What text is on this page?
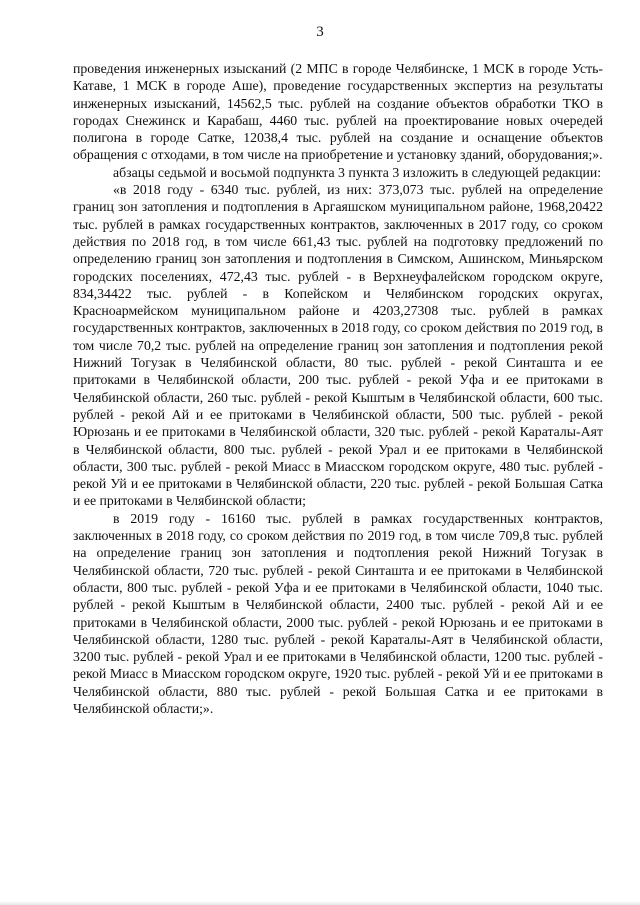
3

проведения инженерных изысканий (2 МПС в городе Челябинске, 1 МСК в городе Усть-Катаве, 1 МСК в городе Аше), проведение государственных экспертиз на результаты инженерных изысканий, 14562,5 тыс. рублей на создание объектов обработки ТКО в городах Снежинск и Карабаш, 4460 тыс. рублей на проектирование новых очередей полигона в городе Сатке, 12038,4 тыс. рублей на создание и оснащение объектов обращения с отходами, в том числе на приобретение и установку зданий, оборудования;».

абзацы седьмой и восьмой подпункта 3 пункта 3 изложить в следующей редакции:

«в 2018 году - 6340 тыс. рублей, из них: 373,073 тыс. рублей на определение границ зон затопления и подтопления в Аргаяшском муниципальном районе, 1968,20422 тыс. рублей в рамках государственных контрактов, заключенных в 2017 году, со сроком действия по 2018 год, в том числе 661,43 тыс. рублей на подготовку предложений по определению границ зон затопления и подтопления в Симском, Ашинском, Миньярском городских поселениях, 472,43 тыс. рублей - в Верхнеуфалейском городском округе, 834,34422 тыс. рублей - в Копейском и Челябинском городских округах, Красноармейском муниципальном районе и 4203,27308 тыс. рублей в рамках государственных контрактов, заключенных в 2018 году, со сроком действия по 2019 год, в том числе 70,2 тыс. рублей на определение границ зон затопления и подтопления рекой Нижний Тогузак в Челябинской области, 80 тыс. рублей - рекой Синташта и ее притоками в Челябинской области, 200 тыс. рублей - рекой Уфа и ее притоками в Челябинской области, 260 тыс. рублей - рекой Кыштым в Челябинской области, 600 тыс. рублей - рекой Ай и ее притоками в Челябинской области, 500 тыс. рублей - рекой Юрюзань и ее притоками в Челябинской области, 320 тыс. рублей - рекой Караталы-Аят в Челябинской области, 800 тыс. рублей - рекой Урал и ее притоками в Челябинской области, 300 тыс. рублей - рекой Миасс в Миасском городском округе, 480 тыс. рублей - рекой Уй и ее притоками в Челябинской области, 220 тыс. рублей - рекой Большая Сатка и ее притоками в Челябинской области;

в 2019 году - 16160 тыс. рублей в рамках государственных контрактов, заключенных в 2018 году, со сроком действия по 2019 год, в том числе 709,8 тыс. рублей на определение границ зон затопления и подтопления рекой Нижний Тогузак в Челябинской области, 720 тыс. рублей - рекой Синташта и ее притоками в Челябинской области, 800 тыс. рублей - рекой Уфа и ее притоками в Челябинской области, 1040 тыс. рублей - рекой Кыштым в Челябинской области, 2400 тыс. рублей - рекой Ай и ее притоками в Челябинской области, 2000 тыс. рублей - рекой Юрюзань и ее притоками в Челябинской области, 1280 тыс. рублей - рекой Караталы-Аят в Челябинской области, 3200 тыс. рублей - рекой Урал и ее притоками в Челябинской области, 1200 тыс. рублей - рекой Миасс в Миасском городском округе, 1920 тыс. рублей - рекой Уй и ее притоками в Челябинской области, 880 тыс. рублей - рекой Большая Сатка и ее притоками в Челябинской области;».
